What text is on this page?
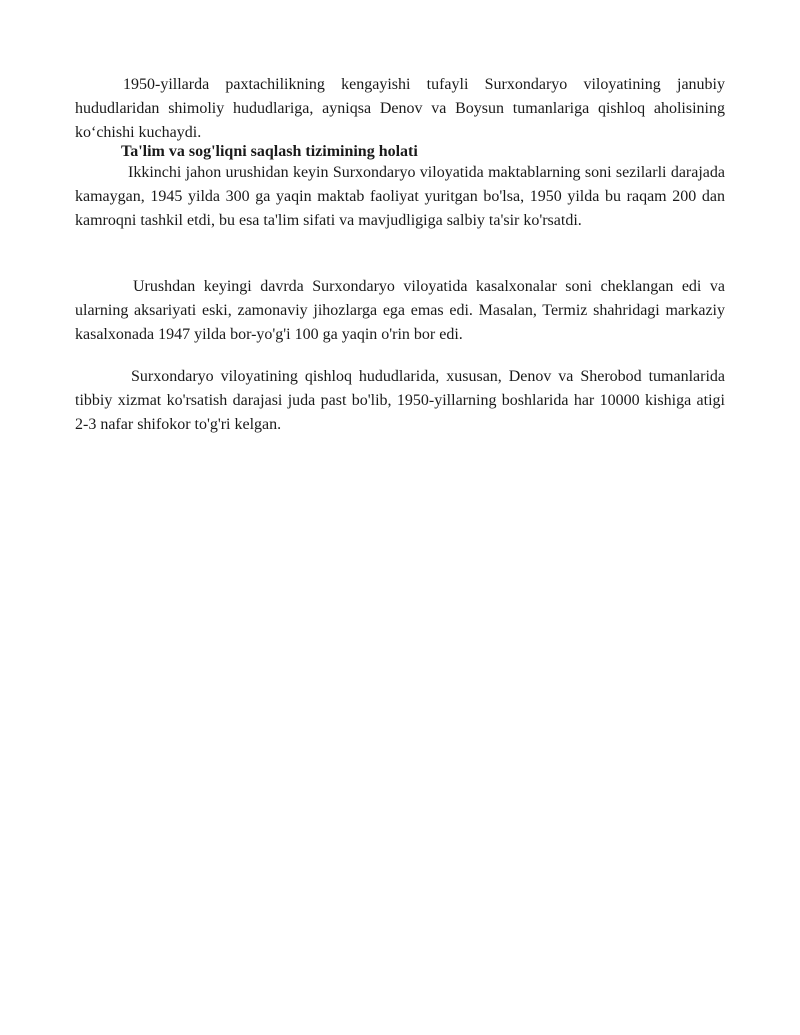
1950-yillarda paxtachilikning kengayishi tufayli Surxondaryo viloyatining janubiy hududlaridan shimoliy hududlariga, ayniqsa Denov va Boysun tumanlariga qishloq aholisining ko‘chishi kuchaydi.

Ta'lim va sog'liqni saqlash tizimining holati

Ikkinchi jahon urushidan keyin Surxondaryo viloyatida maktablarning soni sezilarli darajada kamaygan, 1945 yilda 300 ga yaqin maktab faoliyat yuritgan bo'lsa, 1950 yilda bu raqam 200 dan kamroqni tashkil etdi, bu esa ta'lim sifati va mavjudligiga salbiy ta'sir ko'rsatdi.

Urushdan keyingi davrda Surxondaryo viloyatida kasalxonalar soni cheklangan edi va ularning aksariyati eski, zamonaviy jihozlarga ega emas edi. Masalan, Termiz shahridagi markaziy kasalxonada 1947 yilda bor-yo'g'i 100 ga yaqin o'rin bor edi.

Surxondaryo viloyatining qishloq hududlarida, xususan, Denov va Sherobod tumanlarida tibbiy xizmat ko'rsatish darajasi juda past bo'lib, 1950-yillarning boshlarida har 10000 kishiga atigi 2-3 nafar shifokor to'g'ri kelgan.
